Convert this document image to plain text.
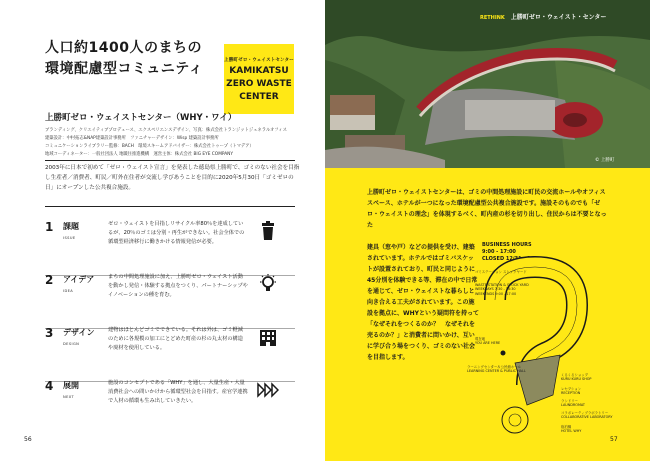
人口約1400人のまちの
環境配慮型コミュニティ
上勝町ゼロ・ウェイストセンター
KAMIKATSU
ZERO WASTE
CENTER
上勝町ゼロ・ウェイストセンター（WHY・ワイ）
ブランディング、クリエイティブプロデュース、エクスペリエンスデザイン、写真：株式会社トランジットジェネラルオフィス
建築設計：中村拓志&NAP建築設計事務所　ファニチャーデザイン：Wisp 建築設計事務所
コミュニケーションライブラリー監修：BACH　環境スキームアドバイザー：株式会社トゥープ（トマデア）
地域コーディネーター：一般社団法人 地職住推進機構　運営主体：株式会社 BIG EYE COMPANY
2003年に日本で初めて「ゼロ・ウェイスト宣言」を発表した徳島県上勝町で、ゴミのない社会を目指し生産者／消費者、町民／町外在住者が交流し学びあうことを目的に2020年5月30日「ゴミゼロの日」にオープンした公共複合施設。
1 課題
ISSUE
ゼロ・ウェイストを目指しリサイクル率80％を達成しているが、20％のゴミは分別・再生ができない。社会全体での循環型経済移行に働きかける情報発信が必要。
2 アイデア
IDEA
まちの中間処理施設に加え、上勝町ゼロ・ウェイスト活動を動かし発信・体験する拠点をつくり、パートナーシップやイノベーションの種を育む。
3 デザイン
DESIGN
建物はほとんどゴミでできている。それは外は、ゴミ軽減のために各規模の加工にとどめた町産の杉の丸太材の構造や廃材を使用している。
4 展開
NEXT
施設のコンセプトである「WHY」を通し、大量生産・大量消費社会への問いかけから循環型社会を目指す。産官学連携で人材の循環も生み出していきたい。
56
RETHINK 上勝町ゼロ・ウェイスト・センター
© 上勝町
上勝町ゼロ・ウェイストセンターは、ゴミの中間処理施設に町民の交流ホールやオフィススペース、ホテルが一つになった環境配慮型公共複合施設です。施設そのものでも「ゼロ・ウェイストの理念」を体現するべく、町内産の杉を切り出し、住民からは不要となった
建具（窓や戸）などの提供を受け、建築されています。ホテルではゴミバスケットが設置されており、町民と同じように45分別を体験できる等、滞在の中で日常を通じて、ゼロ・ウェイストな暮らしと向き合える工夫がされています。この施設を拠点に、WHYという疑問符を持って「なぜそれをつくるのか？　なぜそれを売るのか？」と消費者に問いかけ、互いに学び合う場をつくり、ゴミのない社会を目指します。
BUSINESS HOURS
9:00 - 17:00
CLOSED 12/31 - 1/2
ゴミステーション ストックヤード
WASTE STATION & STOCK YARD
WEEKDAYS 7:30 - 16:30
WEEKENDS 9:00 - 17:00
現在地
YOU ARE HERE
ラーニングセンター＆公民館ホール
LEARNING CENTER & PUBLIC HALL
くるくるショップ
KURU KURU SHOP
レセプション
RECEPTION
ランドリー
LAUNDROMAT
コラボレーティブラボラトリー
COLLABORATIVE LABORATORY
宿泊棟
HOTEL WHY
57
